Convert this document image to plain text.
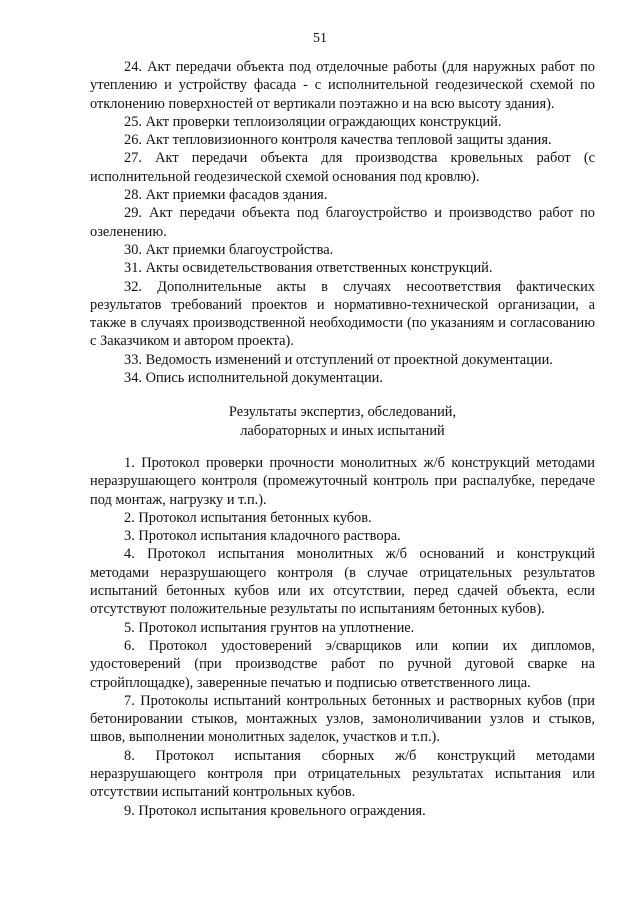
51

24. Акт передачи объекта под отделочные работы (для наружных работ по утеплению и устройству фасада - с исполнительной геодезической схемой по отклонению поверхностей от вертикали поэтажно и на всю высоту здания).

25. Акт проверки теплоизоляции ограждающих конструкций.

26. Акт тепловизионного контроля качества тепловой защиты здания.

27. Акт передачи объекта для производства кровельных работ (с исполнительной геодезической схемой основания под кровлю).

28. Акт приемки фасадов здания.

29. Акт передачи объекта под благоустройство и производство работ по озеленению.

30. Акт приемки благоустройства.

31. Акты освидетельствования ответственных конструкций.

32. Дополнительные акты в случаях несоответствия фактических результатов требований проектов и нормативно-технической организации, а также в случаях производственной необходимости (по указаниям и согласованию с Заказчиком и автором проекта).

33. Ведомость изменений и отступлений от проектной документации.

34. Опись исполнительной документации.

Результаты экспертиз, обследований,
лабораторных и иных испытаний

1. Протокол проверки прочности монолитных ж/б конструкций методами неразрушающего контроля (промежуточный контроль при распалубке, передаче под монтаж, нагрузку и т.п.).

2. Протокол испытания бетонных кубов.

3. Протокол испытания кладочного раствора.

4. Протокол испытания монолитных ж/б оснований и конструкций методами неразрушающего контроля (в случае отрицательных результатов испытаний бетонных кубов или их отсутствии, перед сдачей объекта, если отсутствуют положительные результаты по испытаниям бетонных кубов).

5. Протокол испытания грунтов на уплотнение.

6. Протокол удостоверений э/сварщиков или копии их дипломов, удостоверений (при производстве работ по ручной дуговой сварке на стройплощадке), заверенные печатью и подписью ответственного лица.

7. Протоколы испытаний контрольных бетонных и растворных кубов (при бетонировании стыков, монтажных узлов, замоноличивании узлов и стыков, швов, выполнении монолитных заделок, участков и т.п.).

8. Протокол испытания сборных ж/б конструкций методами неразрушающего контроля при отрицательных результатах испытания или отсутствии испытаний контрольных кубов.

9. Протокол испытания кровельного ограждения.
